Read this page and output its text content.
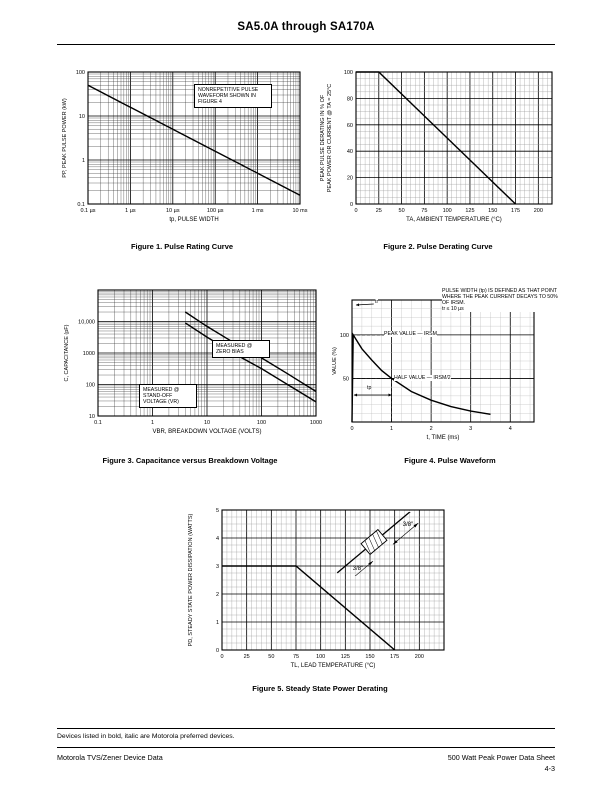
SA5.0A through SA170A
0.1 µs	1 µs	10 µs	100 µs	1 ms	10 ms
0.1
1
10
100
tp, PULSE WIDTH
PP, PEAK PULSE POWER (kW)
NONREPETITIVE PULSE WAVEFORM SHOWN IN FIGURE 4
Figure 1. Pulse Rating Curve
0	25	50	75	100 125 150 175 200
0
20
40
60
80
100
TA, AMBIENT TEMPERATURE (°C)
PEAK PULSE DERATING IN % OF PEAK POWER OR CURRENT @ TA = 25°C
Figure 2. Pulse Derating Curve
0.1	1	10	100	1000
10
100
1000
10,000
VBR, BREAKDOWN VOLTAGE (VOLTS)
C, CAPACITANCE (pF)	MEASURED @ ZERO BIAS
MEASURED @ STAND-OFF VOLTAGE (VR)
Figure 3. Capacitance versus Breakdown Voltage
0	1	2	3	4
50
100
t, TIME (ms)
VALUE (%)
PULSE WIDTH (tp) IS DEFINED AS THAT POINT WHERE THE PEAK CURRENT DECAYS TO 50% OF IRSM.
tr ≤ 10 µs
PEAK VALUE — IRSM
HALF VALUE — IRSM/2
tp
tr
Figure 4. Pulse Waveform
0	25	50	75	100	125	150	175	200
0
1
2
3
4
5
TL, LEAD TEMPERATURE (°C)
PD, STEADY STATE POWER DISSIPATION (WATTS)	3/8″
3/8″
Figure 5. Steady State Power Derating
Devices listed in bold, italic are Motorola preferred devices.
Motorola TVS/Zener Device Data	500 Watt Peak Power Data Sheet
4-3
